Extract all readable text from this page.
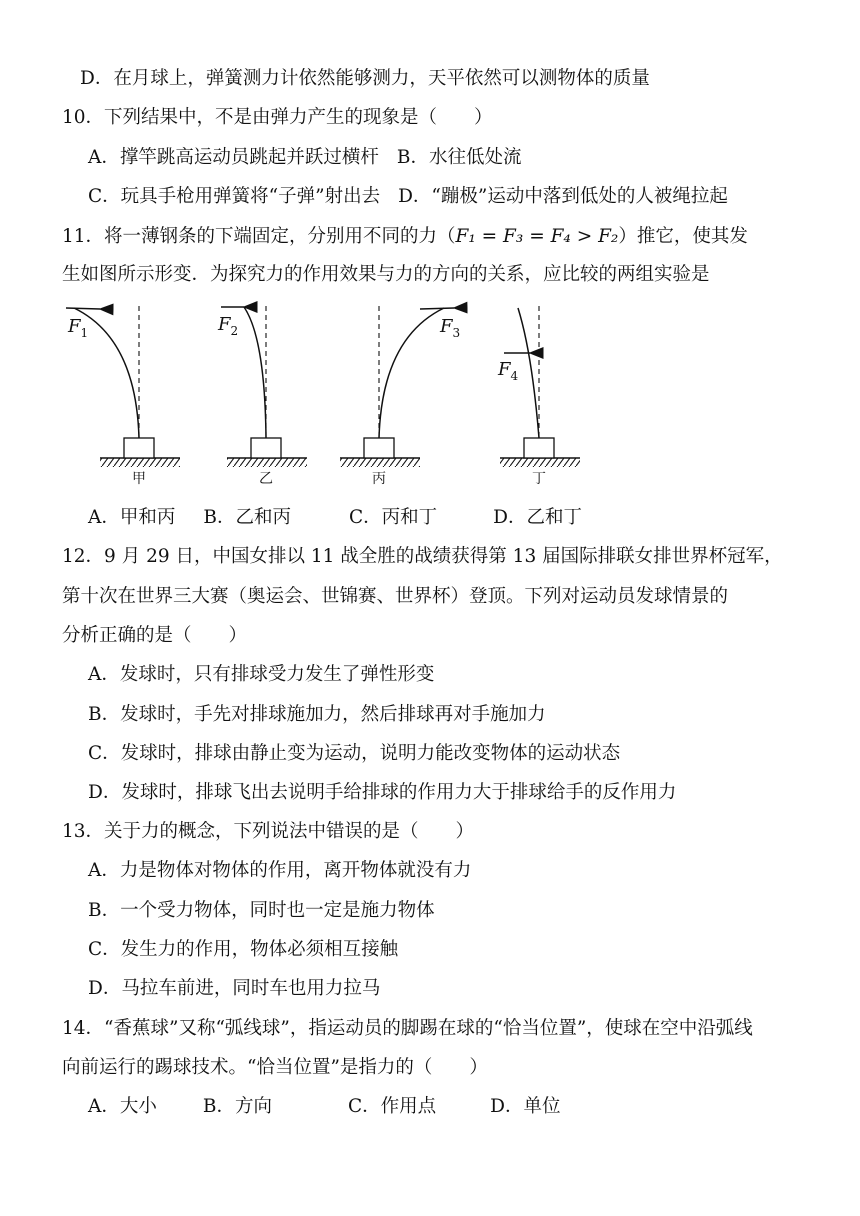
D．在月球上，弹簧测力计依然能够测力，天平依然可以测物体的质量
10．下列结果中，不是由弹力产生的现象是（　　）
A．撑竿跳高运动员跳起并跃过横杆 B．水往低处流
C．玩具手枪用弹簧将“子弹”射出去 D．“蹦极”运动中落到低处的人被绳拉起
11．将一薄钢条的下端固定，分别用不同的力（F₁ = F₃ = F₄ > F₂）推它，使其发
生如图所示形变．为探究力的作用效果与力的方向的关系，应比较的两组实验是
$F_1$
甲
$F_2$
乙
$F_3$
丙
$F_4$
丁
A．甲和丙 B．乙和丙	C．丙和丁	D．乙和丁
12．9 月 29 日，中国女排以 11 战全胜的战绩获得第 13 届国际排联女排世界杯冠军，
第十次在世界三大赛（奥运会、世锦赛、世界杯）登顶。下列对运动员发球情景的
分析正确的是（　　）
A．发球时，只有排球受力发生了弹性形变
B．发球时，手先对排球施加力，然后排球再对手施加力
C．发球时，排球由静止变为运动，说明力能改变物体的运动状态
D．发球时，排球飞出去说明手给排球的作用力大于排球给手的反作用力
13．关于力的概念，下列说法中错误的是（　　）
A．力是物体对物体的作用，离开物体就没有力
B．一个受力物体，同时也一定是施力物体
C．发生力的作用，物体必须相互接触
D．马拉车前进，同时车也用力拉马
14．“香蕉球”又称“弧线球”，指运动员的脚踢在球的“恰当位置”，使球在空中沿弧线
向前运行的踢球技术。“恰当位置”是指力的（　　）
A．大小 B．方向	C．作用点	D．单位
